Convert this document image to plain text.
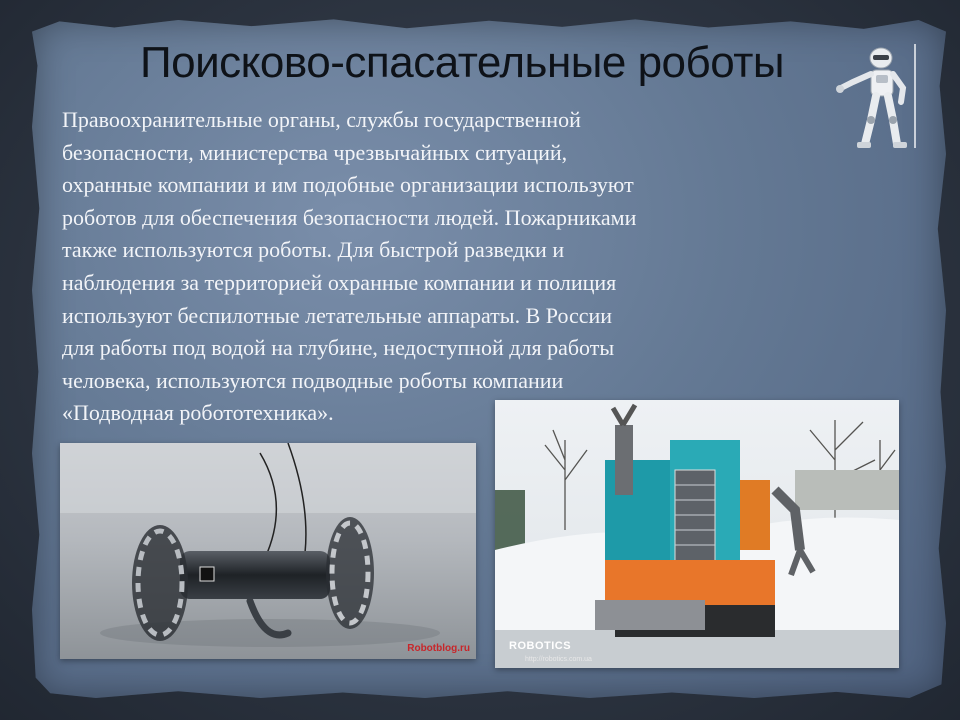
Поисково-спасательные роботы
Правоохранительные органы, службы государственной
безопасности, министерства чрезвычайных ситуаций,
охранные компании и им подобные организации используют
роботов для обеспечения безопасности людей. Пожарниками
также используются роботы. Для быстрой разведки и
наблюдения за территорией охранные компании и полиция
используют беспилотные летательные аппараты. В России
для работы под водой на глубине, недоступной для работы
человека, используются подводные роботы компании
«Подводная робототехника».
Robotblog.ru	ROBOTICS
http://robotics.com.ua
